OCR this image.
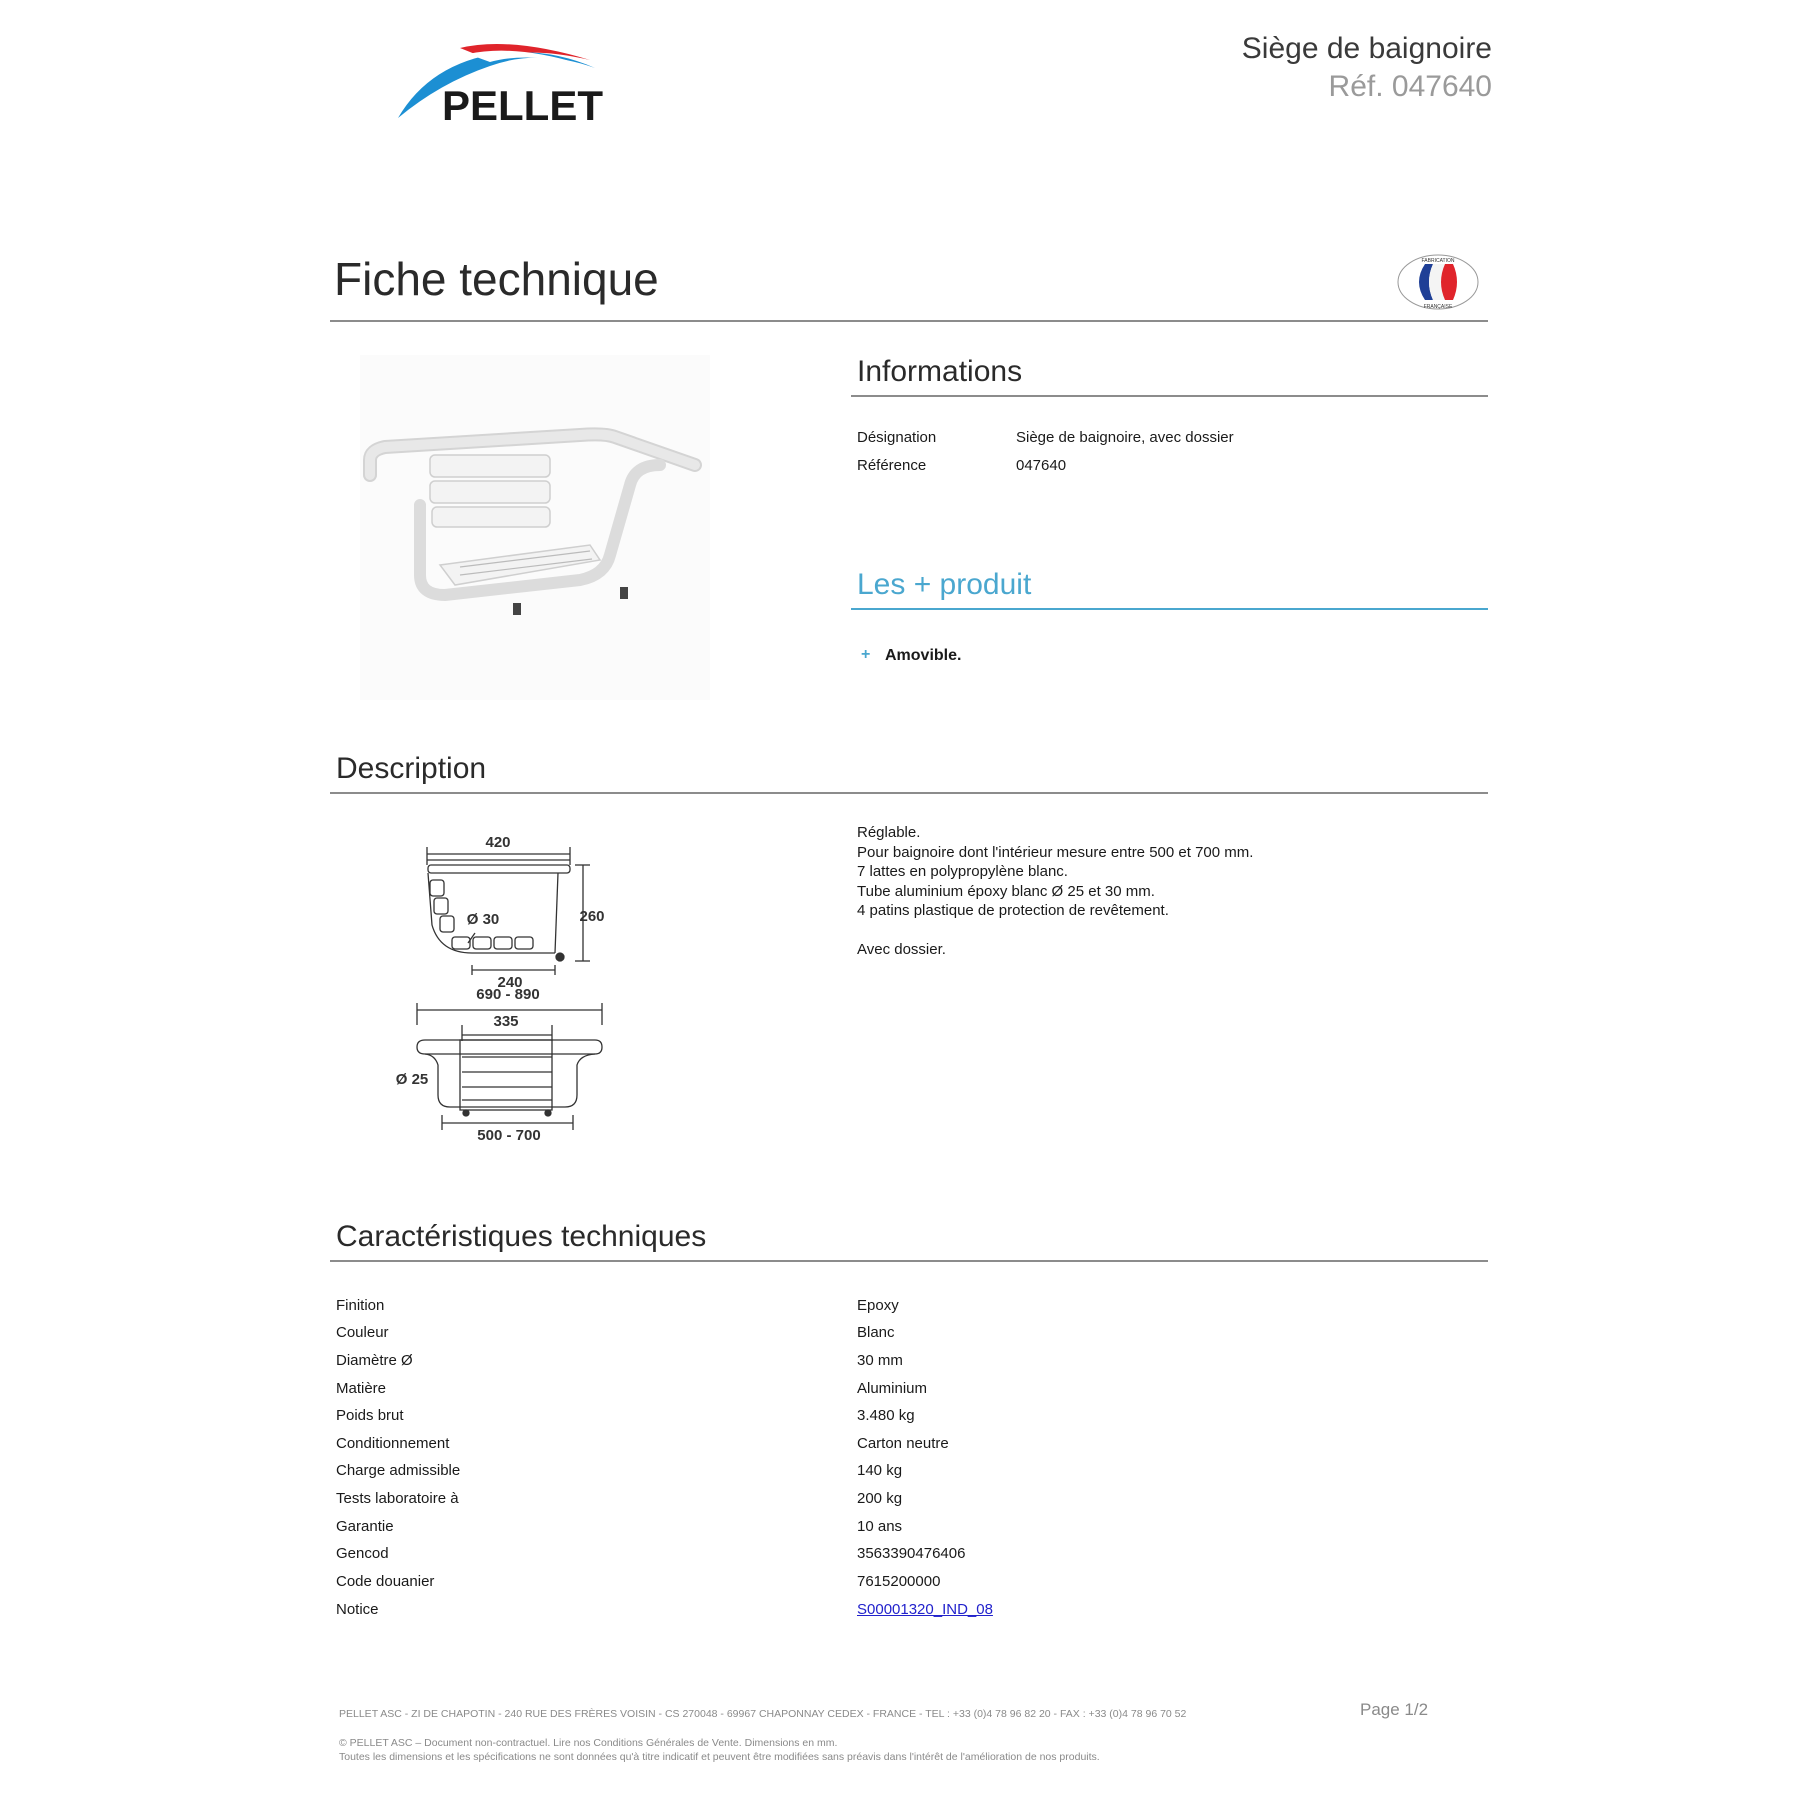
PELLET
Siège de baignoire
Réf. 047640
Fiche technique	FABRICATION
FRANÇAISE
Informations
Désignation	Siège de baignoire, avec dossier
Référence	047640
Les + produit
+ Amovible.
Description
420
260
Ø 30
240
690 - 890
335
Ø 25
500 - 700
Réglable.
Pour baignoire dont l'intérieur mesure entre 500 et 700 mm.
7 lattes en polypropylène blanc.
Tube aluminium époxy blanc Ø 25 et 30 mm.
4 patins plastique de protection de revêtement.
Avec dossier.
Caractéristiques techniques
Finition	Epoxy
Couleur	Blanc
Diamètre Ø	30 mm
Matière	Aluminium
Poids brut	3.480 kg
Conditionnement	Carton neutre
Charge admissible	140 kg
Tests laboratoire à	200 kg
Garantie	10 ans
Gencod	3563390476406
Code douanier	7615200000
Notice	S00001320_IND_08
PELLET ASC - ZI DE CHAPOTIN - 240 RUE DES FRÈRES VOISIN - CS 270048 - 69967 CHAPONNAY CEDEX - FRANCE - TEL : +33 (0)4 78 96 82 20 - FAX : +33 (0)4 78 96 70 52	Page 1/2
© PELLET ASC – Document non-contractuel. Lire nos Conditions Générales de Vente. Dimensions en mm.
Toutes les dimensions et les spécifications ne sont données qu'à titre indicatif et peuvent être modifiées sans préavis dans l'intérêt de l'amélioration de nos produits.
